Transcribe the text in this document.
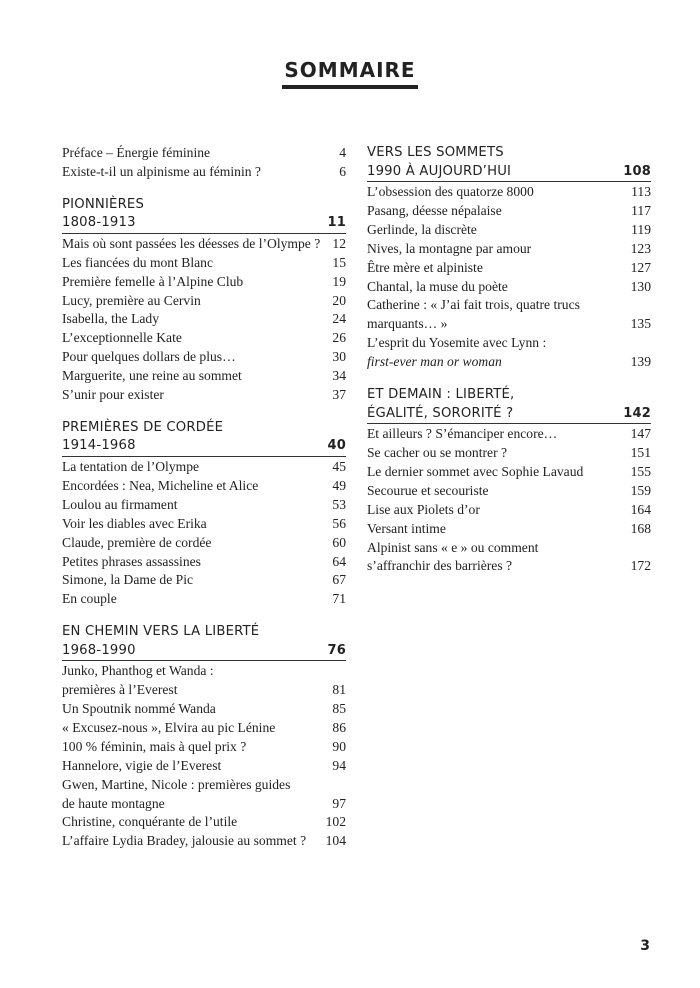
SOMMAIRE
Préface – Énergie féminine	4
Existe-t-il un alpinisme au féminin ?	6
PIONNIÈRES
1808-1913	11
Mais où sont passées les déesses de l’Olympe ? 12
Les fiancées du mont Blanc	15
Première femelle à l’Alpine Club	19
Lucy, première au Cervin	20
Isabella, the Lady	24
L’exceptionnelle Kate	26
Pour quelques dollars de plus…	30
Marguerite, une reine au sommet	34
S’unir pour exister	37
PREMIÈRES DE CORDÉE
1914-1968	40
La tentation de l’Olympe	45
Encordées : Nea, Micheline et Alice	49
Loulou au firmament	53
Voir les diables avec Erika	56
Claude, première de cordée	60
Petites phrases assassines	64
Simone, la Dame de Pic	67
En couple	71
EN CHEMIN VERS LA LIBERTÉ
1968-1990	76
Junko, Phanthog et Wanda :
premières à l’Everest	81
Un Spoutnik nommé Wanda	85
« Excusez-nous », Elvira au pic Lénine	86
100 % féminin, mais à quel prix ?	90
Hannelore, vigie de l’Everest	94
Gwen, Martine, Nicole : premières guides
de haute montagne	97
Christine, conquérante de l’utile	102
L’affaire Lydia Bradey, jalousie au sommet ?	104
VERS LES SOMMETS
1990 À AUJOURD’HUI	108
L’obsession des quatorze 8000	113
Pasang, déesse népalaise	117
Gerlinde, la discrète	119
Nives, la montagne par amour	123
Être mère et alpiniste	127
Chantal, la muse du poète	130
Catherine : « J’ai fait trois, quatre trucs
marquants… »	135
L’esprit du Yosemite avec Lynn :
first-ever man or woman	139
ET DEMAIN : LIBERTÉ,
ÉGALITÉ, SORORITÉ ?	142
Et ailleurs ? S’émanciper encore…	147
Se cacher ou se montrer ?	151
Le dernier sommet avec Sophie Lavaud	155
Secourue et secouriste	159
Lise aux Piolets d’or	164
Versant intime	168
Alpinist sans « e » ou comment
s’affranchir des barrières ?	172
3
